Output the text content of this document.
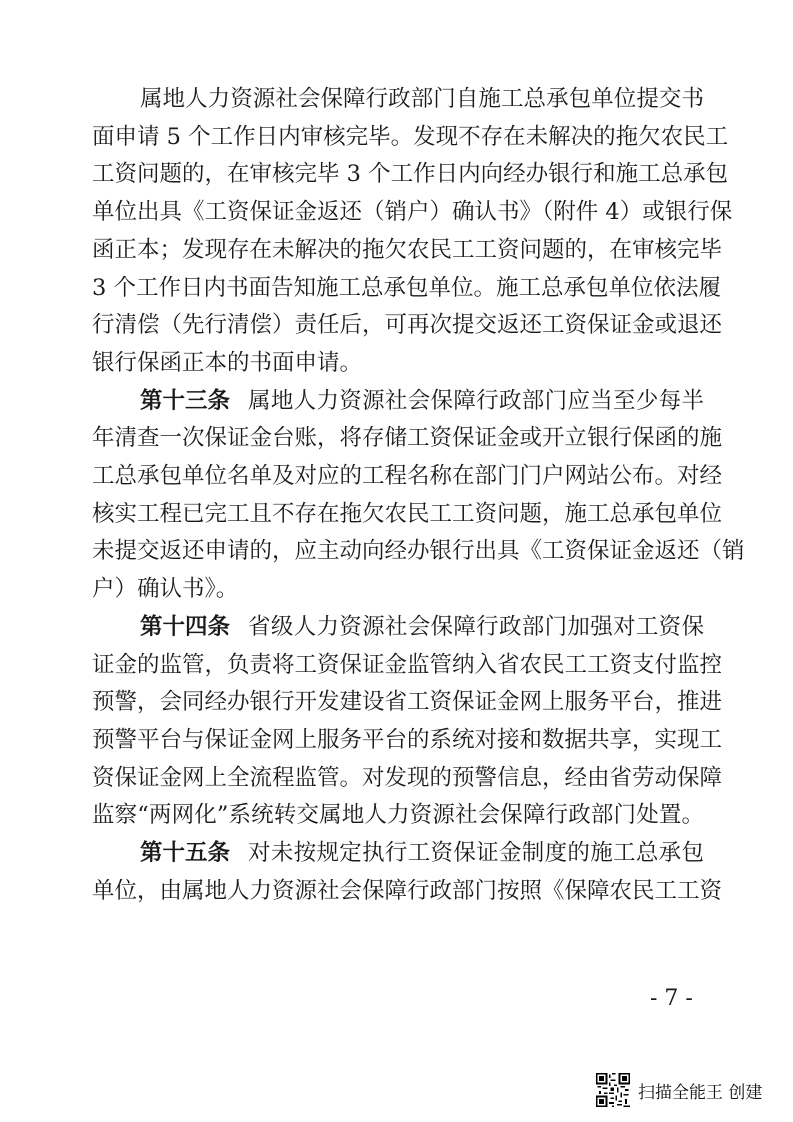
属地人力资源社会保障行政部门自施工总承包单位提交书
面申请 5 个工作日内审核完毕。发现不存在未解决的拖欠农民工
工资问题的，在审核完毕 3 个工作日内向经办银行和施工总承包
单位出具《工资保证金返还（销户）确认书》（附件 4）或银行保
函正本；发现存在未解决的拖欠农民工工资问题的，在审核完毕
3 个工作日内书面告知施工总承包单位。施工总承包单位依法履
行清偿（先行清偿）责任后，可再次提交返还工资保证金或退还
银行保函正本的书面申请。
第十三条 属地人力资源社会保障行政部门应当至少每半
年清查一次保证金台账，将存储工资保证金或开立银行保函的施
工总承包单位名单及对应的工程名称在部门门户网站公布。对经
核实工程已完工且不存在拖欠农民工工资问题，施工总承包单位
未提交返还申请的，应主动向经办银行出具《工资保证金返还（销
户）确认书》。
第十四条 省级人力资源社会保障行政部门加强对工资保
证金的监管，负责将工资保证金监管纳入省农民工工资支付监控
预警，会同经办银行开发建设省工资保证金网上服务平台，推进
预警平台与保证金网上服务平台的系统对接和数据共享，实现工
资保证金网上全流程监管。对发现的预警信息，经由省劳动保障
监察“两网化”系统转交属地人力资源社会保障行政部门处置。
第十五条 对未按规定执行工资保证金制度的施工总承包
单位，由属地人力资源社会保障行政部门按照《保障农民工工资
- 7 -
扫描全能王 创建
